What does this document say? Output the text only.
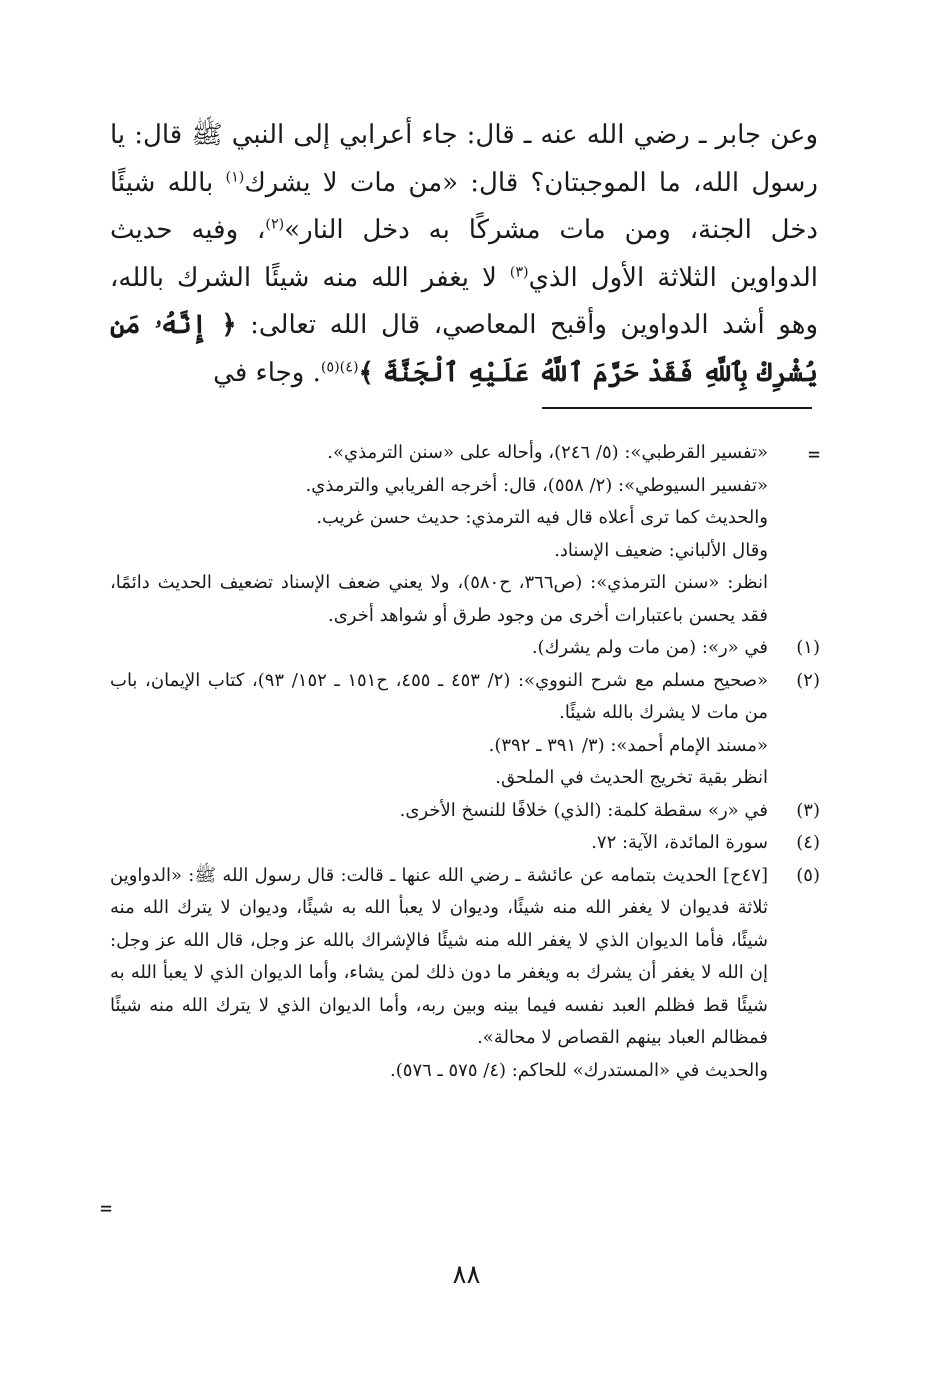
وعن جابر ـ رضي الله عنه ـ قال: جاء أعرابي إلى النبي ﷺ قال: يا رسول الله، ما الموجبتان؟ قال: «من مات لا يشرك$^{(١)}$ بالله شيئًا دخل الجنة، ومن مات مشركًا به دخل النار»$^{(٢)}$، وفيه حديث الدواوين الثلاثة الأول الذي$^{(٣)}$ لا يغفر الله منه شيئًا الشرك بالله، وهو أشد الدواوين وأقبح المعاصي، قال الله تعالى: ﴿ إِنَّهُۥ مَن يُشْرِكْ بِٱللَّهِ فَقَدْ حَرَّمَ ٱللَّهُ عَلَيْهِ ٱلْجَنَّةَ ﴾$^{(٤)(٥)}$. وجاء في

=

«تفسير القرطبي»: (٥/ ٢٤٦)، وأحاله على «سنن الترمذي».

«تفسير السيوطي»: (٢/ ٥٥٨)، قال: أخرجه الفريابي والترمذي.

والحديث كما ترى أعلاه قال فيه الترمذي: حديث حسن غريب.

وقال الألباني: ضعيف الإسناد.

انظر: «سنن الترمذي»: (ص٣٦٦، ح٥٨٠)، ولا يعني ضعف الإسناد تضعيف الحديث دائمًا، فقد يحسن باعتبارات أخرى من وجود طرق أو شواهد أخرى.

(١)

في «ر»: (من مات ولم يشرك).

(٢)

«صحيح مسلم مع شرح النووي»: (٢/ ٤٥٣ ـ ٤٥٥، ح١٥١ ـ ١٥٢/ ٩٣)، كتاب الإيمان، باب من مات لا يشرك بالله شيئًا.

«مسند الإمام أحمد»: (٣/ ٣٩١ ـ ٣٩٢).

انظر بقية تخريج الحديث في الملحق.

(٣)

في «ر» سقطة كلمة: (الذي) خلافًا للنسخ الأخرى.

(٤)

سورة المائدة، الآية: ٧٢.

(٥)

[٤٧ح] الحديث بتمامه عن عائشة ـ رضي الله عنها ـ قالت: قال رسول الله ﷺ: «الدواوين ثلاثة فديوان لا يغفر الله منه شيئًا، وديوان لا يعبأ الله به شيئًا، وديوان لا يترك الله منه شيئًا، فأما الديوان الذي لا يغفر الله منه شيئًا فالإشراك بالله عز وجل، قال الله عز وجل: إن الله لا يغفر أن يشرك به ويغفر ما دون ذلك لمن يشاء، وأما الديوان الذي لا يعبأ الله به شيئًا قط فظلم العبد نفسه فيما بينه وبين ربه، وأما الديوان الذي لا يترك الله منه شيئًا فمظالم العباد بينهم القصاص لا محالة».

والحديث في «المستدرك» للحاكم: (٤/ ٥٧٥ ـ ٥٧٦).

=
٨٨
